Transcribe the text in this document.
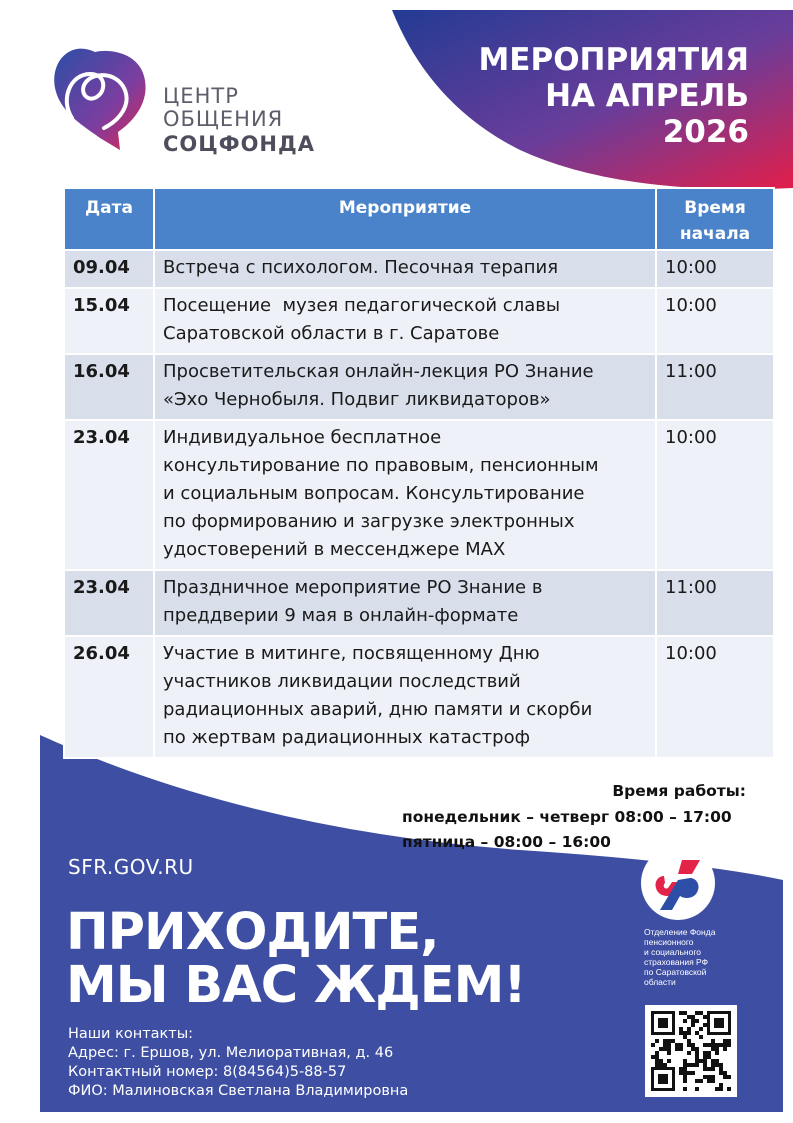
ЦЕНТР
ОБЩЕНИЯ
СОЦФОНДА
МЕРОПРИЯТИЯ
НА АПРЕЛЬ
2026
Дата	Мероприятие	Время
начала

09.04	Встреча с психологом. Песочная терапия	10:00
15.04	Посещение  музея педагогической славы
Саратовской области в г. Саратове	10:00
16.04	Просветительская онлайн-лекция РО Знание
«Эхо Чернобыля. Подвиг ликвидаторов»	11:00
23.04	Индивидуальное бесплатное
консультирование по правовым, пенсионным
и социальным вопросам. Консультирование
по формированию и загрузке электронных
удостоверений в мессенджере МАХ	10:00
23.04	Праздничное мероприятие РО Знание в
преддверии 9 мая в онлайн-формате	11:00
26.04	Участие в митинге, посвященному Дню
участников ликвидации последствий
радиационных аварий, дню памяти и скорби
по жертвам радиационных катастроф	10:00
Время работы:
понедельник – четверг 08:00 – 17:00
пятница – 08:00 – 16:00
SFR.GOV.RU
ПРИХОДИТЕ,
МЫ ВАС ЖДЕМ!
Наши контакты:
Адрес: г. Ершов, ул. Мелиоративная, д. 46
Контактный номер: 8(84564)5-88-57
ФИО: Малиновская Светлана Владимировна
Отделение Фонда
пенсионного
и социального
страхования РФ
по Саратовской
области
